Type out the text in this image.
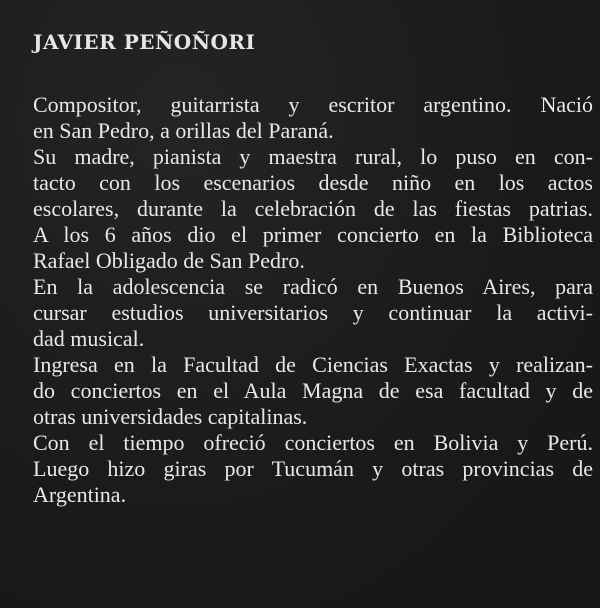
JAVIER PEÑOÑORI
Compositor, guitarrista y escritor argentino. Nació
en San Pedro, a orillas del Paraná.
Su madre, pianista y maestra rural, lo puso en con-
tacto con los escenarios desde niño en los actos
escolares, durante la celebración de las fiestas patrias.
A los 6 años dio el primer concierto en la Biblioteca
Rafael Obligado de San Pedro.
En la adolescencia se radicó en Buenos Aires, para
cursar estudios universitarios y continuar la activi-
dad musical.
Ingresa en la Facultad de Ciencias Exactas y realizan-
do conciertos en el Aula Magna de esa facultad y de
otras universidades capitalinas.
Con el tiempo ofreció conciertos en Bolivia y Perú.
Luego hizo giras por Tucumán y otras provincias de
Argentina.
